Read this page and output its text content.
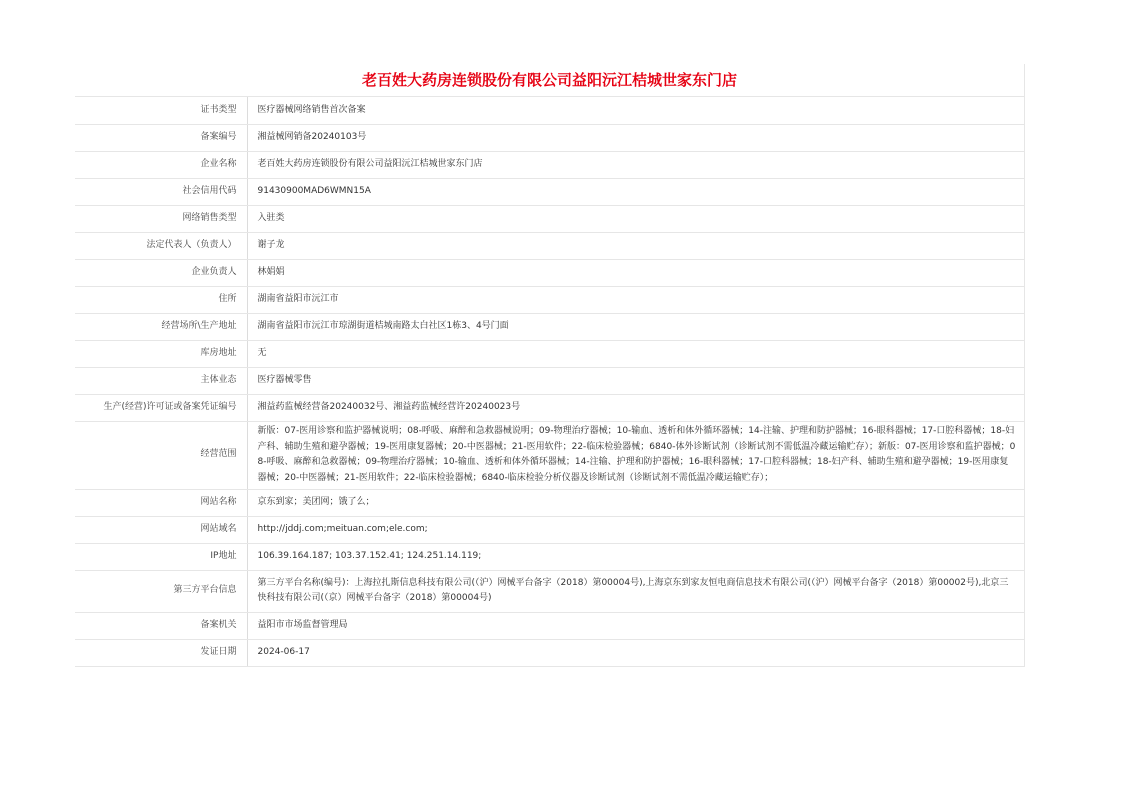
老百姓大药房连锁股份有限公司益阳沅江桔城世家东门店
证书类型	医疗器械网络销售首次备案
备案编号	湘益械网销备20240103号
企业名称	老百姓大药房连锁股份有限公司益阳沅江桔城世家东门店
社会信用代码	91430900MAD6WMN15A
网络销售类型	入驻类
法定代表人（负责人）	谢子龙
企业负责人	林娟娟
住所	湖南省益阳市沅江市
经营场所\生产地址	湖南省益阳市沅江市琼湖街道桔城南路太白社区1栋3、4号门面
库房地址	无
主体业态	医疗器械零售
生产(经营)许可证或备案凭证编号	湘益药监械经营备20240032号、湘益药监械经营许20240023号
经营范围	新版：07-医用诊察和监护器械说明；08-呼吸、麻醉和急救器械说明；09-物理治疗器械；10-输血、透析和体外循环器械；14-注输、护理和防护器械；16-眼科器械；17-口腔科器械；18-妇产科、辅助生殖和避孕器械；19-医用康复器械；20-中医器械；21-医用软件；22-临床检验器械；6840-体外诊断试剂（诊断试剂不需低温冷藏运输贮存）；新版：07-医用诊察和监护器械；08-呼吸、麻醉和急救器械；09-物理治疗器械；10-输血、透析和体外循环器械；14-注输、护理和防护器械；16-眼科器械；17-口腔科器械；18-妇产科、辅助生殖和避孕器械；19-医用康复器械；20-中医器械；21-医用软件；22-临床检验器械；6840-临床检验分析仪器及诊断试剂（诊断试剂不需低温冷藏运输贮存）；
网站名称	京东到家；美团网；饿了么；
网站域名	http://jddj.com;meituan.com;ele.com;
IP地址	106.39.164.187; 103.37.152.41; 124.251.14.119;
第三方平台信息	第三方平台名称(编号)：上海拉扎斯信息科技有限公司(（沪）网械平台备字（2018）第00004号),上海京东到家友恒电商信息技术有限公司(（沪）网械平台备字（2018）第00002号),北京三快科技有限公司(（京）网械平台备字（2018）第00004号)
备案机关	益阳市市场监督管理局
发证日期	2024-06-17
